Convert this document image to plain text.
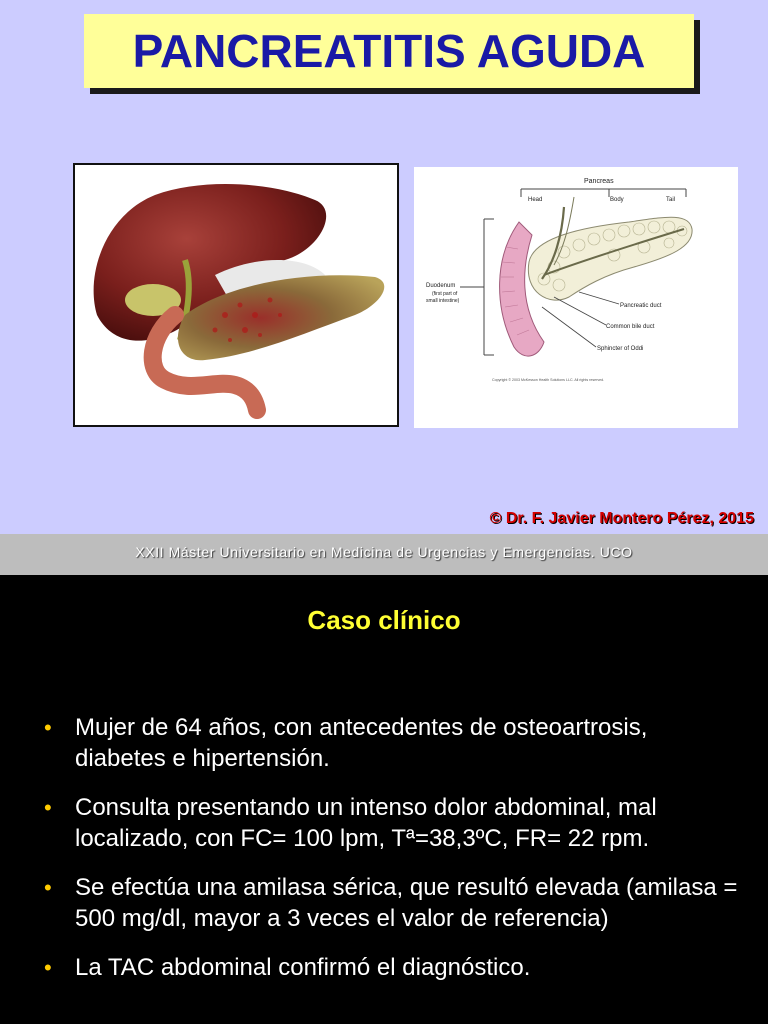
PANCREATITIS AGUDA
Pancreas
Head	Body	Tail
Duodenum
(first part of
small intestine)
Pancreatic duct
Common bile duct
Sphincter of Oddi
Copyright © 2003 McKesson Health Solutions LLC. All rights reserved.
© Dr. F. Javier Montero Pérez, 2015
XXII Máster Universitario en Medicina de Urgencias y Emergencias. UCO
Caso clínico
• Mujer de 64 años, con antecedentes de osteoartrosis, diabetes e hipertensión.
• Consulta presentando un intenso dolor abdominal, mal localizado, con FC= 100 lpm, Tª=38,3ºC, FR= 22 rpm.
• Se efectúa una amilasa sérica, que resultó elevada (amilasa = 500 mg/dl, mayor a 3 veces el valor de referencia)
• La TAC abdominal confirmó el diagnóstico.
